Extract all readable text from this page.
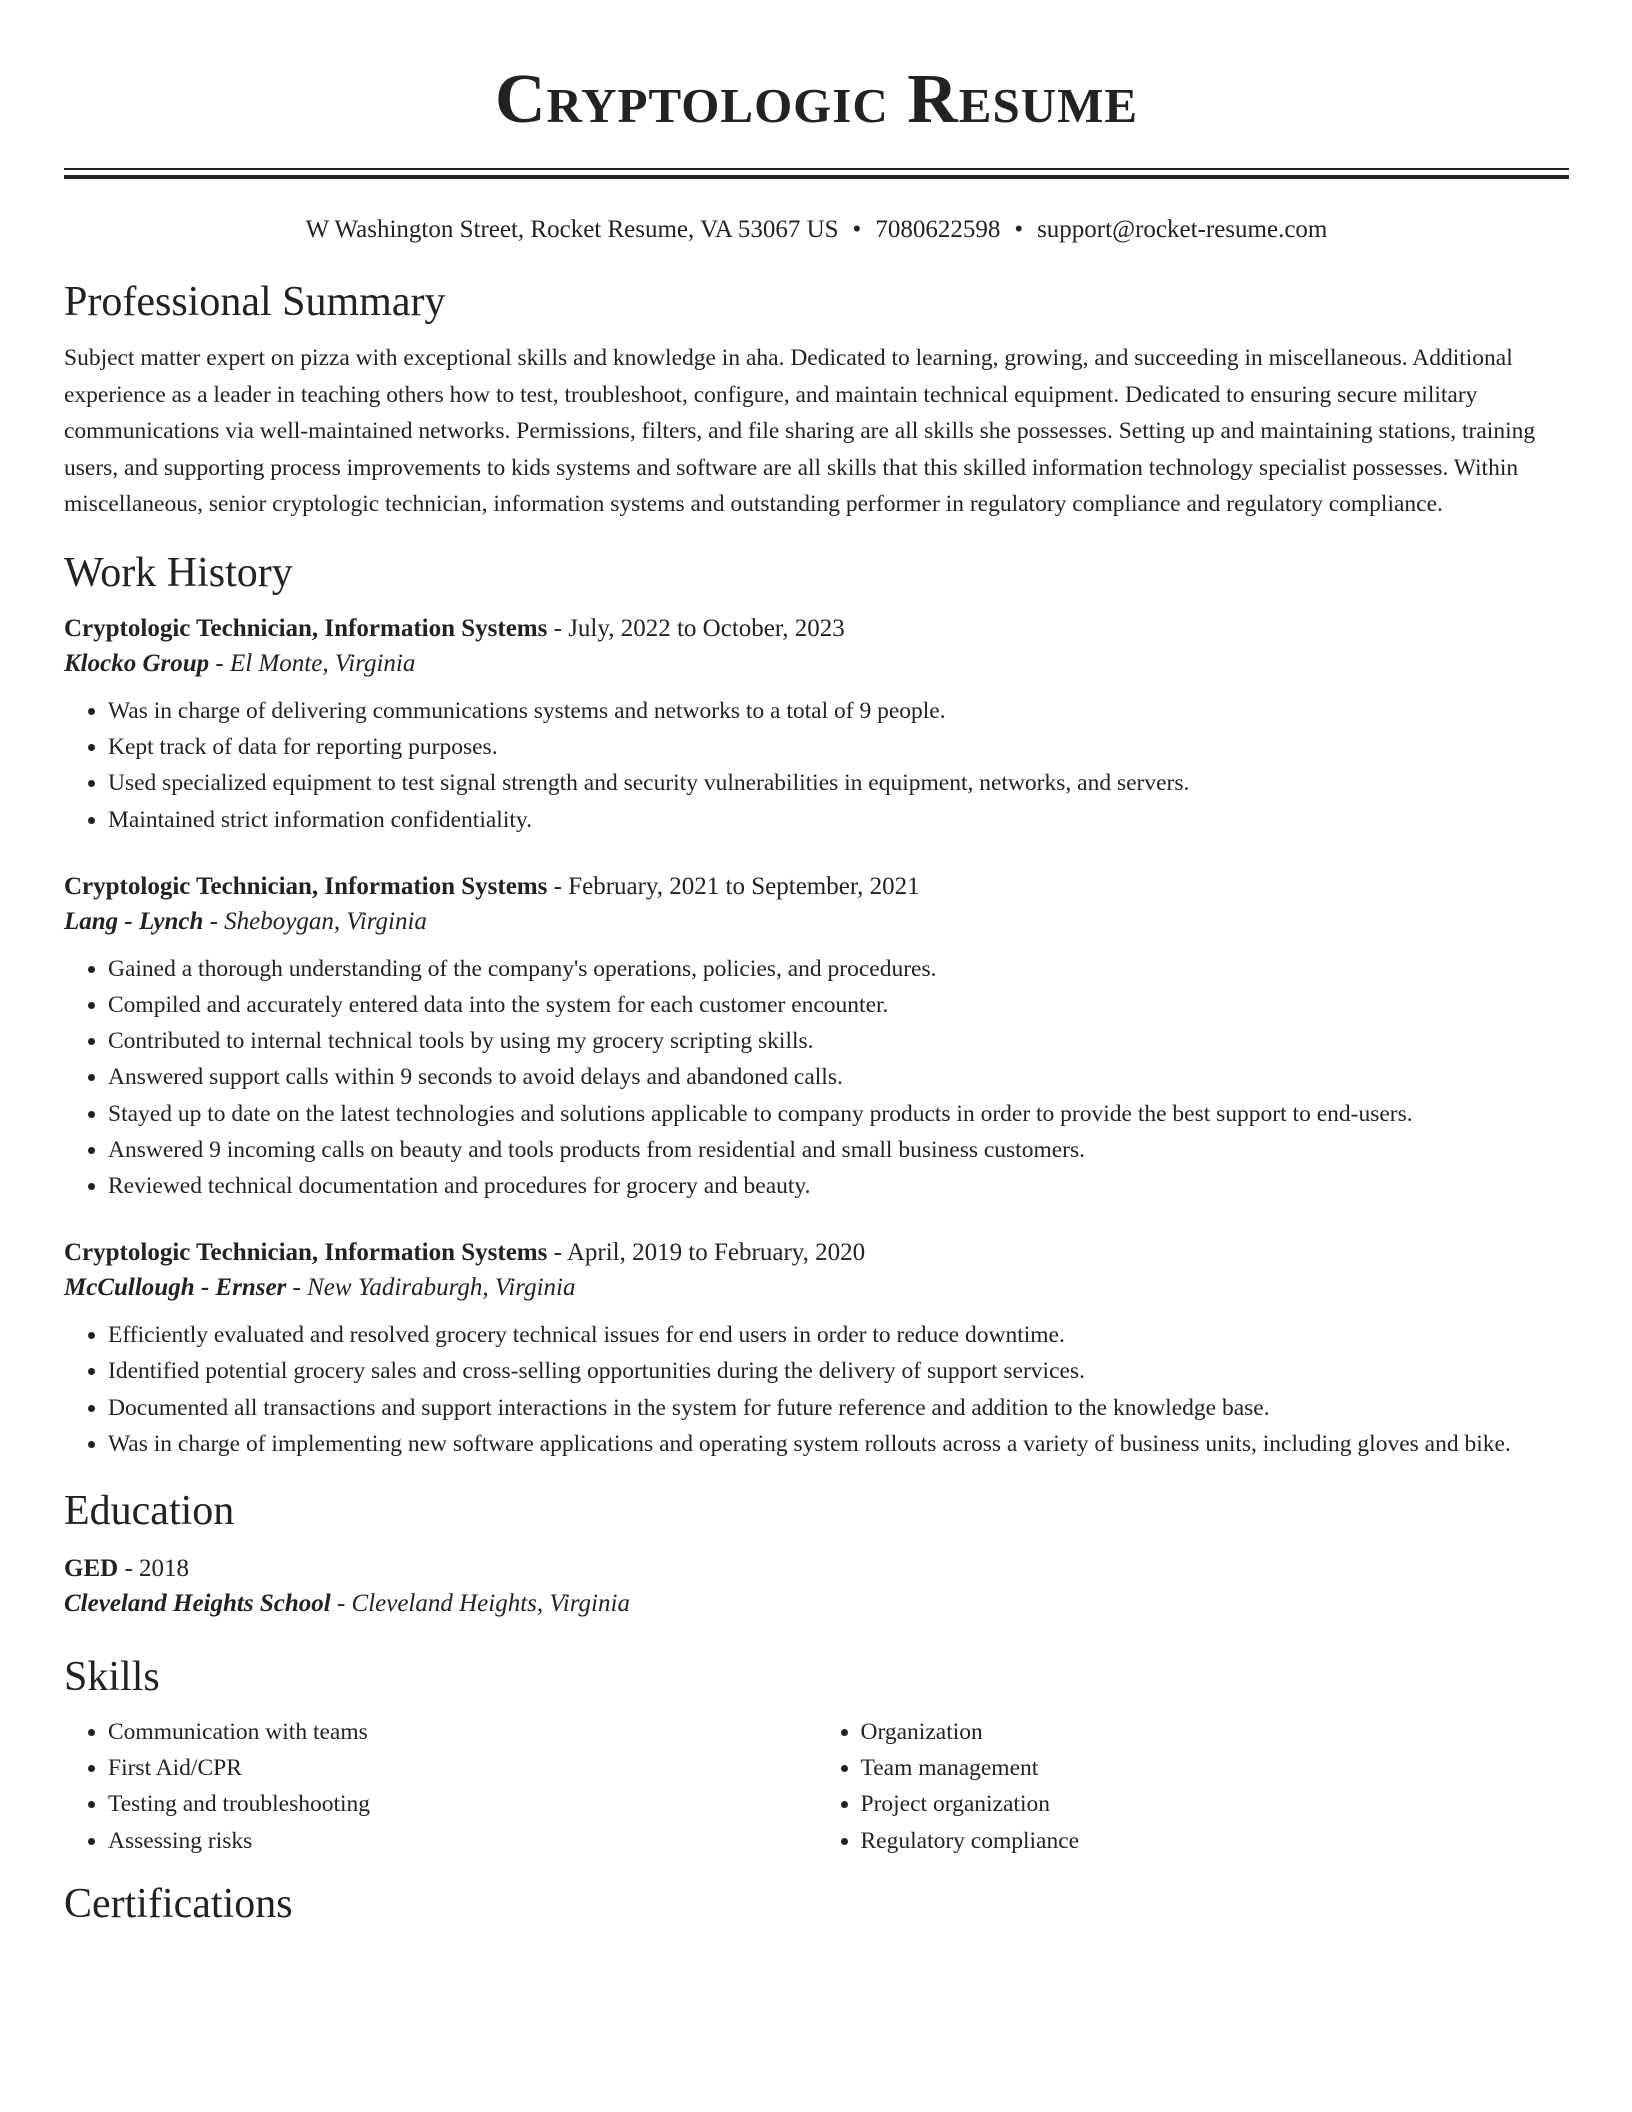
Cryptologic Resume
W Washington Street, Rocket Resume, VA 53067 US • 7080622598 • support@rocket-resume.com
Professional Summary

Subject matter expert on pizza with exceptional skills and knowledge in aha. Dedicated to learning, growing, and succeeding in miscellaneous. Additional experience as a leader in teaching others how to test, troubleshoot, configure, and maintain technical equipment. Dedicated to ensuring secure military communications via well-maintained networks. Permissions, filters, and file sharing are all skills she possesses. Setting up and maintaining stations, training users, and supporting process improvements to kids systems and software are all skills that this skilled information technology specialist possesses. Within miscellaneous, senior cryptologic technician, information systems and outstanding performer in regulatory compliance and regulatory compliance.

Work History

Cryptologic Technician, Information Systems - July, 2022 to October, 2023

Klocko Group - El Monte, Virginia

• Was in charge of delivering communications systems and networks to a total of 9 people.
• Kept track of data for reporting purposes.
• Used specialized equipment to test signal strength and security vulnerabilities in equipment, networks, and servers.
• Maintained strict information confidentiality.

Cryptologic Technician, Information Systems - February, 2021 to September, 2021

Lang - Lynch - Sheboygan, Virginia

• Gained a thorough understanding of the company's operations, policies, and procedures.
• Compiled and accurately entered data into the system for each customer encounter.
• Contributed to internal technical tools by using my grocery scripting skills.
• Answered support calls within 9 seconds to avoid delays and abandoned calls.
• Stayed up to date on the latest technologies and solutions applicable to company products in order to provide the best support to end-users.
• Answered 9 incoming calls on beauty and tools products from residential and small business customers.
• Reviewed technical documentation and procedures for grocery and beauty.

Cryptologic Technician, Information Systems - April, 2019 to February, 2020

McCullough - Ernser - New Yadiraburgh, Virginia

• Efficiently evaluated and resolved grocery technical issues for end users in order to reduce downtime.
• Identified potential grocery sales and cross-selling opportunities during the delivery of support services.
• Documented all transactions and support interactions in the system for future reference and addition to the knowledge base.
• Was in charge of implementing new software applications and operating system rollouts across a variety of business units, including gloves and bike.
Education

GED - 2018

Cleveland Heights School - Cleveland Heights, Virginia

Skills
• Communication with teams
• First Aid/CPR
• Testing and troubleshooting
• Assessing risks
• Organization
• Team management
• Project organization
• Regulatory compliance
Certifications
